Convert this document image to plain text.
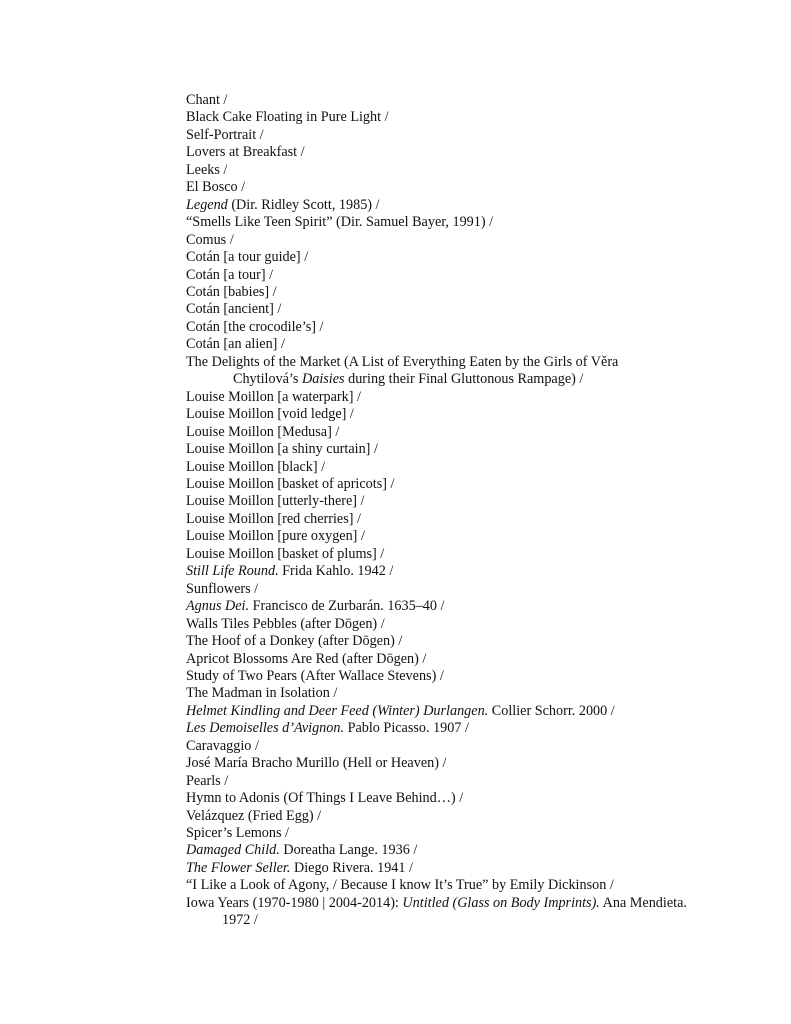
Chant /
Black Cake Floating in Pure Light /
Self-Portrait /
Lovers at Breakfast /
Leeks /
El Bosco /
Legend (Dir. Ridley Scott, 1985) /
“Smells Like Teen Spirit” (Dir. Samuel Bayer, 1991) /
Comus /
Cotán [a tour guide] /
Cotán [a tour] /
Cotán [babies] /
Cotán [ancient] /
Cotán [the crocodile’s] /
Cotán [an alien] /
The Delights of the Market (A List of Everything Eaten by the Girls of Věra
Chytilová’s Daisies during their Final Gluttonous Rampage) /
Louise Moillon [a waterpark] /
Louise Moillon [void ledge] /
Louise Moillon [Medusa] /
Louise Moillon [a shiny curtain] /
Louise Moillon [black] /
Louise Moillon [basket of apricots] /
Louise Moillon [utterly-there] /
Louise Moillon [red cherries] /
Louise Moillon [pure oxygen] /
Louise Moillon [basket of plums] /
Still Life Round. Frida Kahlo. 1942 /
Sunflowers /
Agnus Dei. Francisco de Zurbarán. 1635–40 /
Walls Tiles Pebbles (after Dōgen) /
The Hoof of a Donkey (after Dōgen) /
Apricot Blossoms Are Red (after Dōgen) /
Study of Two Pears (After Wallace Stevens) /
The Madman in Isolation /
Helmet Kindling and Deer Feed (Winter) Durlangen. Collier Schorr. 2000 /
Les Demoiselles d’Avignon. Pablo Picasso. 1907 /
Caravaggio /
José María Bracho Murillo (Hell or Heaven) /
Pearls /
Hymn to Adonis (Of Things I Leave Behind…) /
Velázquez (Fried Egg) /
Spicer’s Lemons /
Damaged Child. Doreatha Lange. 1936 /
The Flower Seller. Diego Rivera. 1941 /
“I Like a Look of Agony, / Because I know It’s True” by Emily Dickinson /
Iowa Years (1970-1980 | 2004-2014): Untitled (Glass on Body Imprints). Ana Mendieta.
1972 /
